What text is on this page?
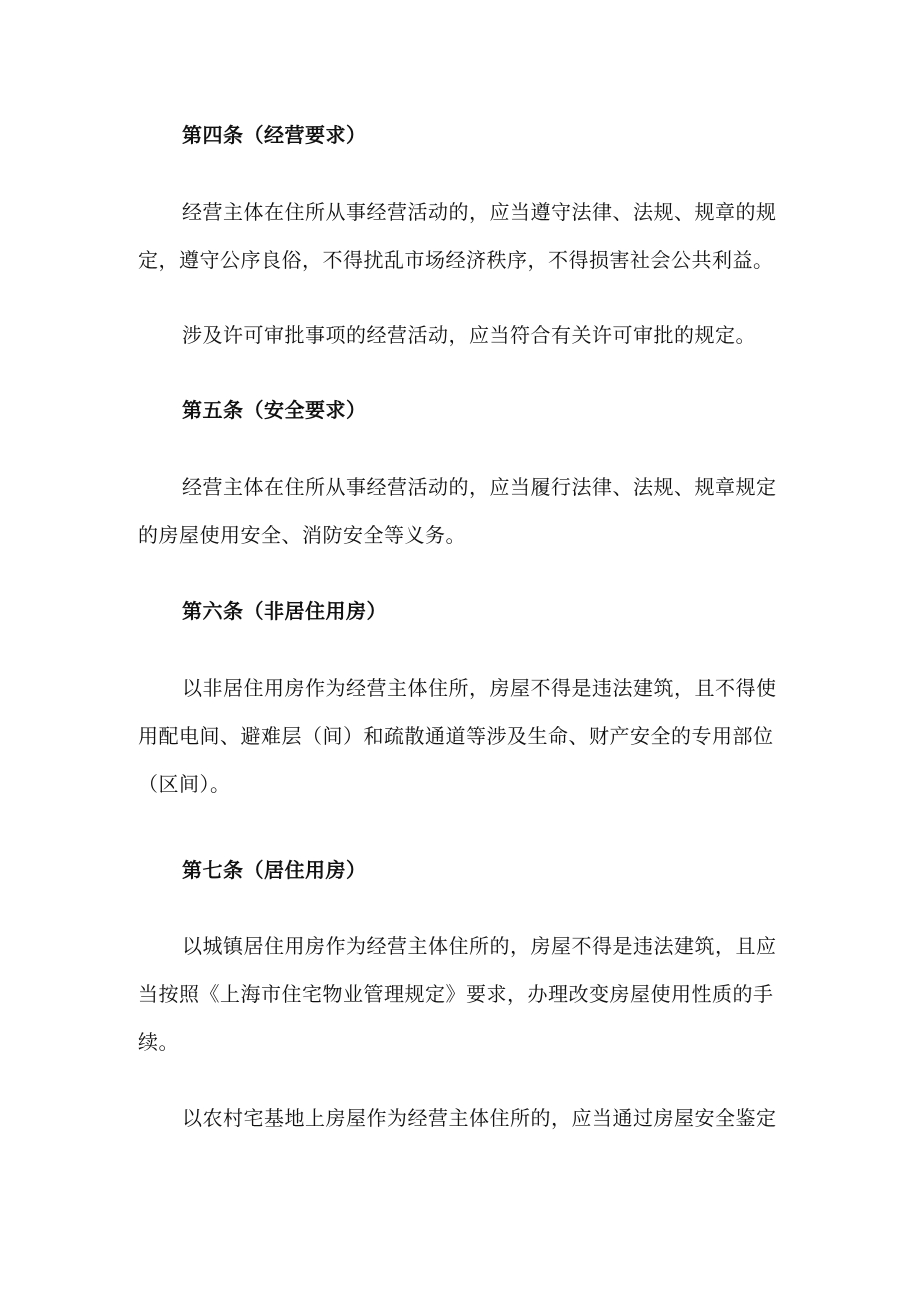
第四条（经营要求）
经营主体在住所从事经营活动的，应当遵守法律、法规、规章的规
定，遵守公序良俗，不得扰乱市场经济秩序，不得损害社会公共利益。
涉及许可审批事项的经营活动，应当符合有关许可审批的规定。
第五条（安全要求）
经营主体在住所从事经营活动的，应当履行法律、法规、规章规定
的房屋使用安全、消防安全等义务。
第六条（非居住用房）
以非居住用房作为经营主体住所，房屋不得是违法建筑，且不得使
用配电间、避难层（间）和疏散通道等涉及生命、财产安全的专用部位
（区间）。
第七条（居住用房）
以城镇居住用房作为经营主体住所的，房屋不得是违法建筑，且应
当按照《上海市住宅物业管理规定》要求，办理改变房屋使用性质的手
续。
以农村宅基地上房屋作为经营主体住所的，应当通过房屋安全鉴定
